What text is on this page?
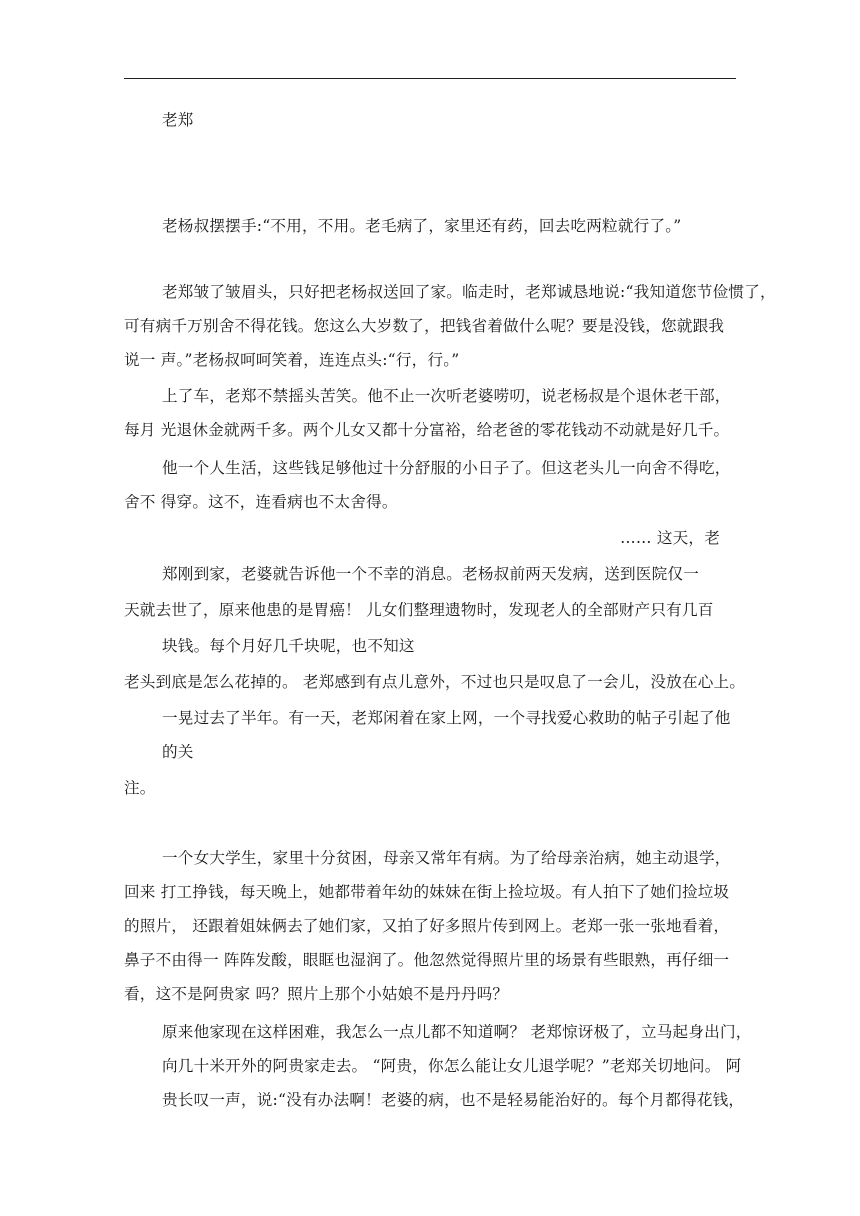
老郑
老杨叔摆摆手:“不用，不用。老毛病了，家里还有药，回去吃两粒就行了。”
老郑皱了皱眉头，只好把老杨叔送回了家。临走时，老郑诚恳地说:“我知道您节俭惯了，
可有病千万别舍不得花钱。您这么大岁数了，把钱省着做什么呢？要是没钱，您就跟我
说一 声。”老杨叔呵呵笑着，连连点头:“行，行。”
上了车，老郑不禁摇头苦笑。他不止一次听老婆唠叨，说老杨叔是个退休老干部，
每月 光退休金就两千多。两个儿女又都十分富裕，给老爸的零花钱动不动就是好几千。
他一个人生活，这些钱足够他过十分舒服的小日子了。但这老头儿一向舍不得吃，
舍不 得穿。这不，连看病也不太舍得。
…… 这天，老
郑刚到家，老婆就告诉他一个不幸的消息。老杨叔前两天发病，送到医院仅一
天就去世了，原来他患的是胃癌！ 儿女们整理遗物时，发现老人的全部财产只有几百
块钱。每个月好几千块呢，也不知这
老头到底是怎么花掉的。 老郑感到有点儿意外，不过也只是叹息了一会儿，没放在心上。
一晃过去了半年。有一天，老郑闲着在家上网，一个寻找爱心救助的帖子引起了他
的关
注。
一个女大学生，家里十分贫困，母亲又常年有病。为了给母亲治病，她主动退学，
回来 打工挣钱，每天晚上，她都带着年幼的妹妹在街上捡垃圾。有人拍下了她们捡垃圾
的照片， 还跟着姐妹俩去了她们家，又拍了好多照片传到网上。老郑一张一张地看着，
鼻子不由得一 阵阵发酸，眼眶也湿润了。他忽然觉得照片里的场景有些眼熟，再仔细一
看，这不是阿贵家 吗？照片上那个小姑娘不是丹丹吗？
原来他家现在这样困难，我怎么一点儿都不知道啊？ 老郑惊讶极了，立马起身出门，
向几十米开外的阿贵家走去。 “阿贵，你怎么能让女儿退学呢？”老郑关切地问。 阿
贵长叹一声，说:“没有办法啊！老婆的病，也不是轻易能治好的。每个月都得花钱，
